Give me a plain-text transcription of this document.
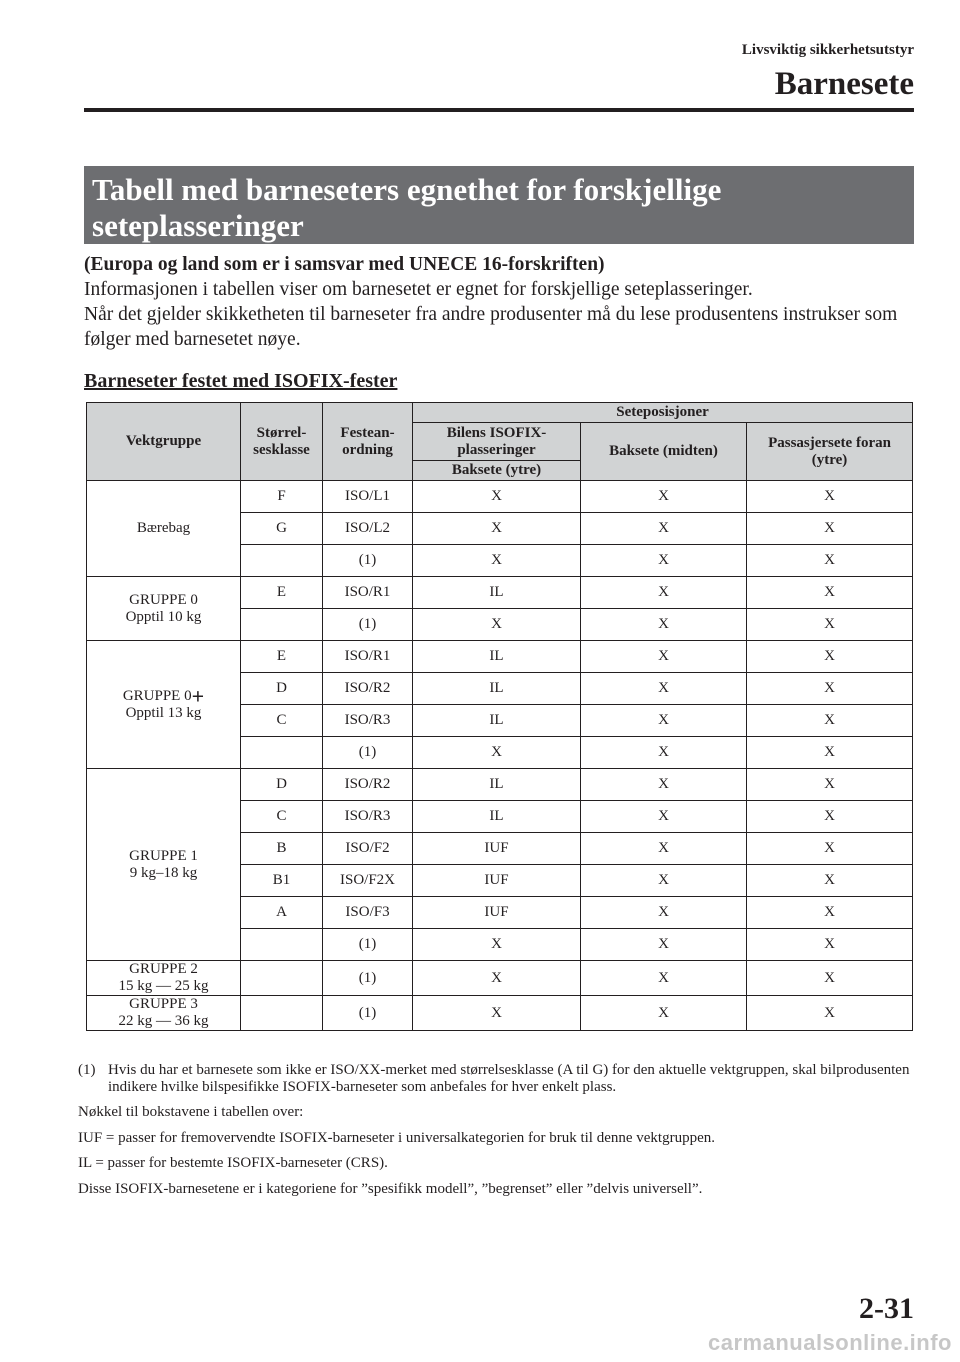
Livsviktig sikkerhetsutstyr
Barnesete
Tabell med barneseters egnethet for forskjellige
seteplasseringer
(Europa og land som er i samsvar med UNECE 16-forskriften)
Informasjonen i tabellen viser om barnesetet er egnet for forskjellige seteplasseringer.
Når det gjelder skikketheten til barneseter fra andre produsenter må du lese produsentens instrukser som følger med barnesetet nøye.
Barneseter festet med ISOFIX-fester
Vektgruppe	Størrel-sesklasse	Festean-ordning	Seteposisjoner		
			Bilens ISOFIX-plasseringer	Baksete (midten)	Passasjersete foran (ytre)
			Baksete (ytre)		

Bærebag	F	ISO/L1	X	X	X
	G	ISO/L2	X	X	X
		(1)	X	X	X

GRUPPE 0
Opptil 10 kg	E	ISO/R1	IL	X	X
		(1)	X	X	X

GRUPPE 0+
Opptil 13 kg	E	ISO/R1	IL	X	X
	D	ISO/R2	IL	X	X
	C	ISO/R3	IL	X	X
		(1)	X	X	X

GRUPPE 1
9 kg–18 kg	D	ISO/R2	IL	X	X
	C	ISO/R3	IL	X	X
	B	ISO/F2	IUF	X	X
	B1	ISO/F2X	IUF	X	X
	A	ISO/F3	IUF	X	X
		(1)	X	X	X

GRUPPE 2
15 kg — 25 kg		(1)	X	X	X

GRUPPE 3
22 kg — 36 kg		(1)	X	X	X
(1) Hvis du har et barnesete som ikke er ISO/XX-merket med størrelsesklasse (A til G) for den aktuelle vektgruppen, skal bilprodusenten indikere hvilke bilspesifikke ISOFIX-barneseter som anbefales for hver enkelt plass.

Nøkkel til bokstavene i tabellen over:

IUF = passer for fremovervendte ISOFIX-barneseter i universalkategorien for bruk til denne vektgruppen.

IL = passer for bestemte ISOFIX-barneseter (CRS).

Disse ISOFIX-barnesetene er i kategoriene for ”spesifikk modell”, ”begrenset” eller ”delvis universell”.

2-31
carmanualsonline.info
